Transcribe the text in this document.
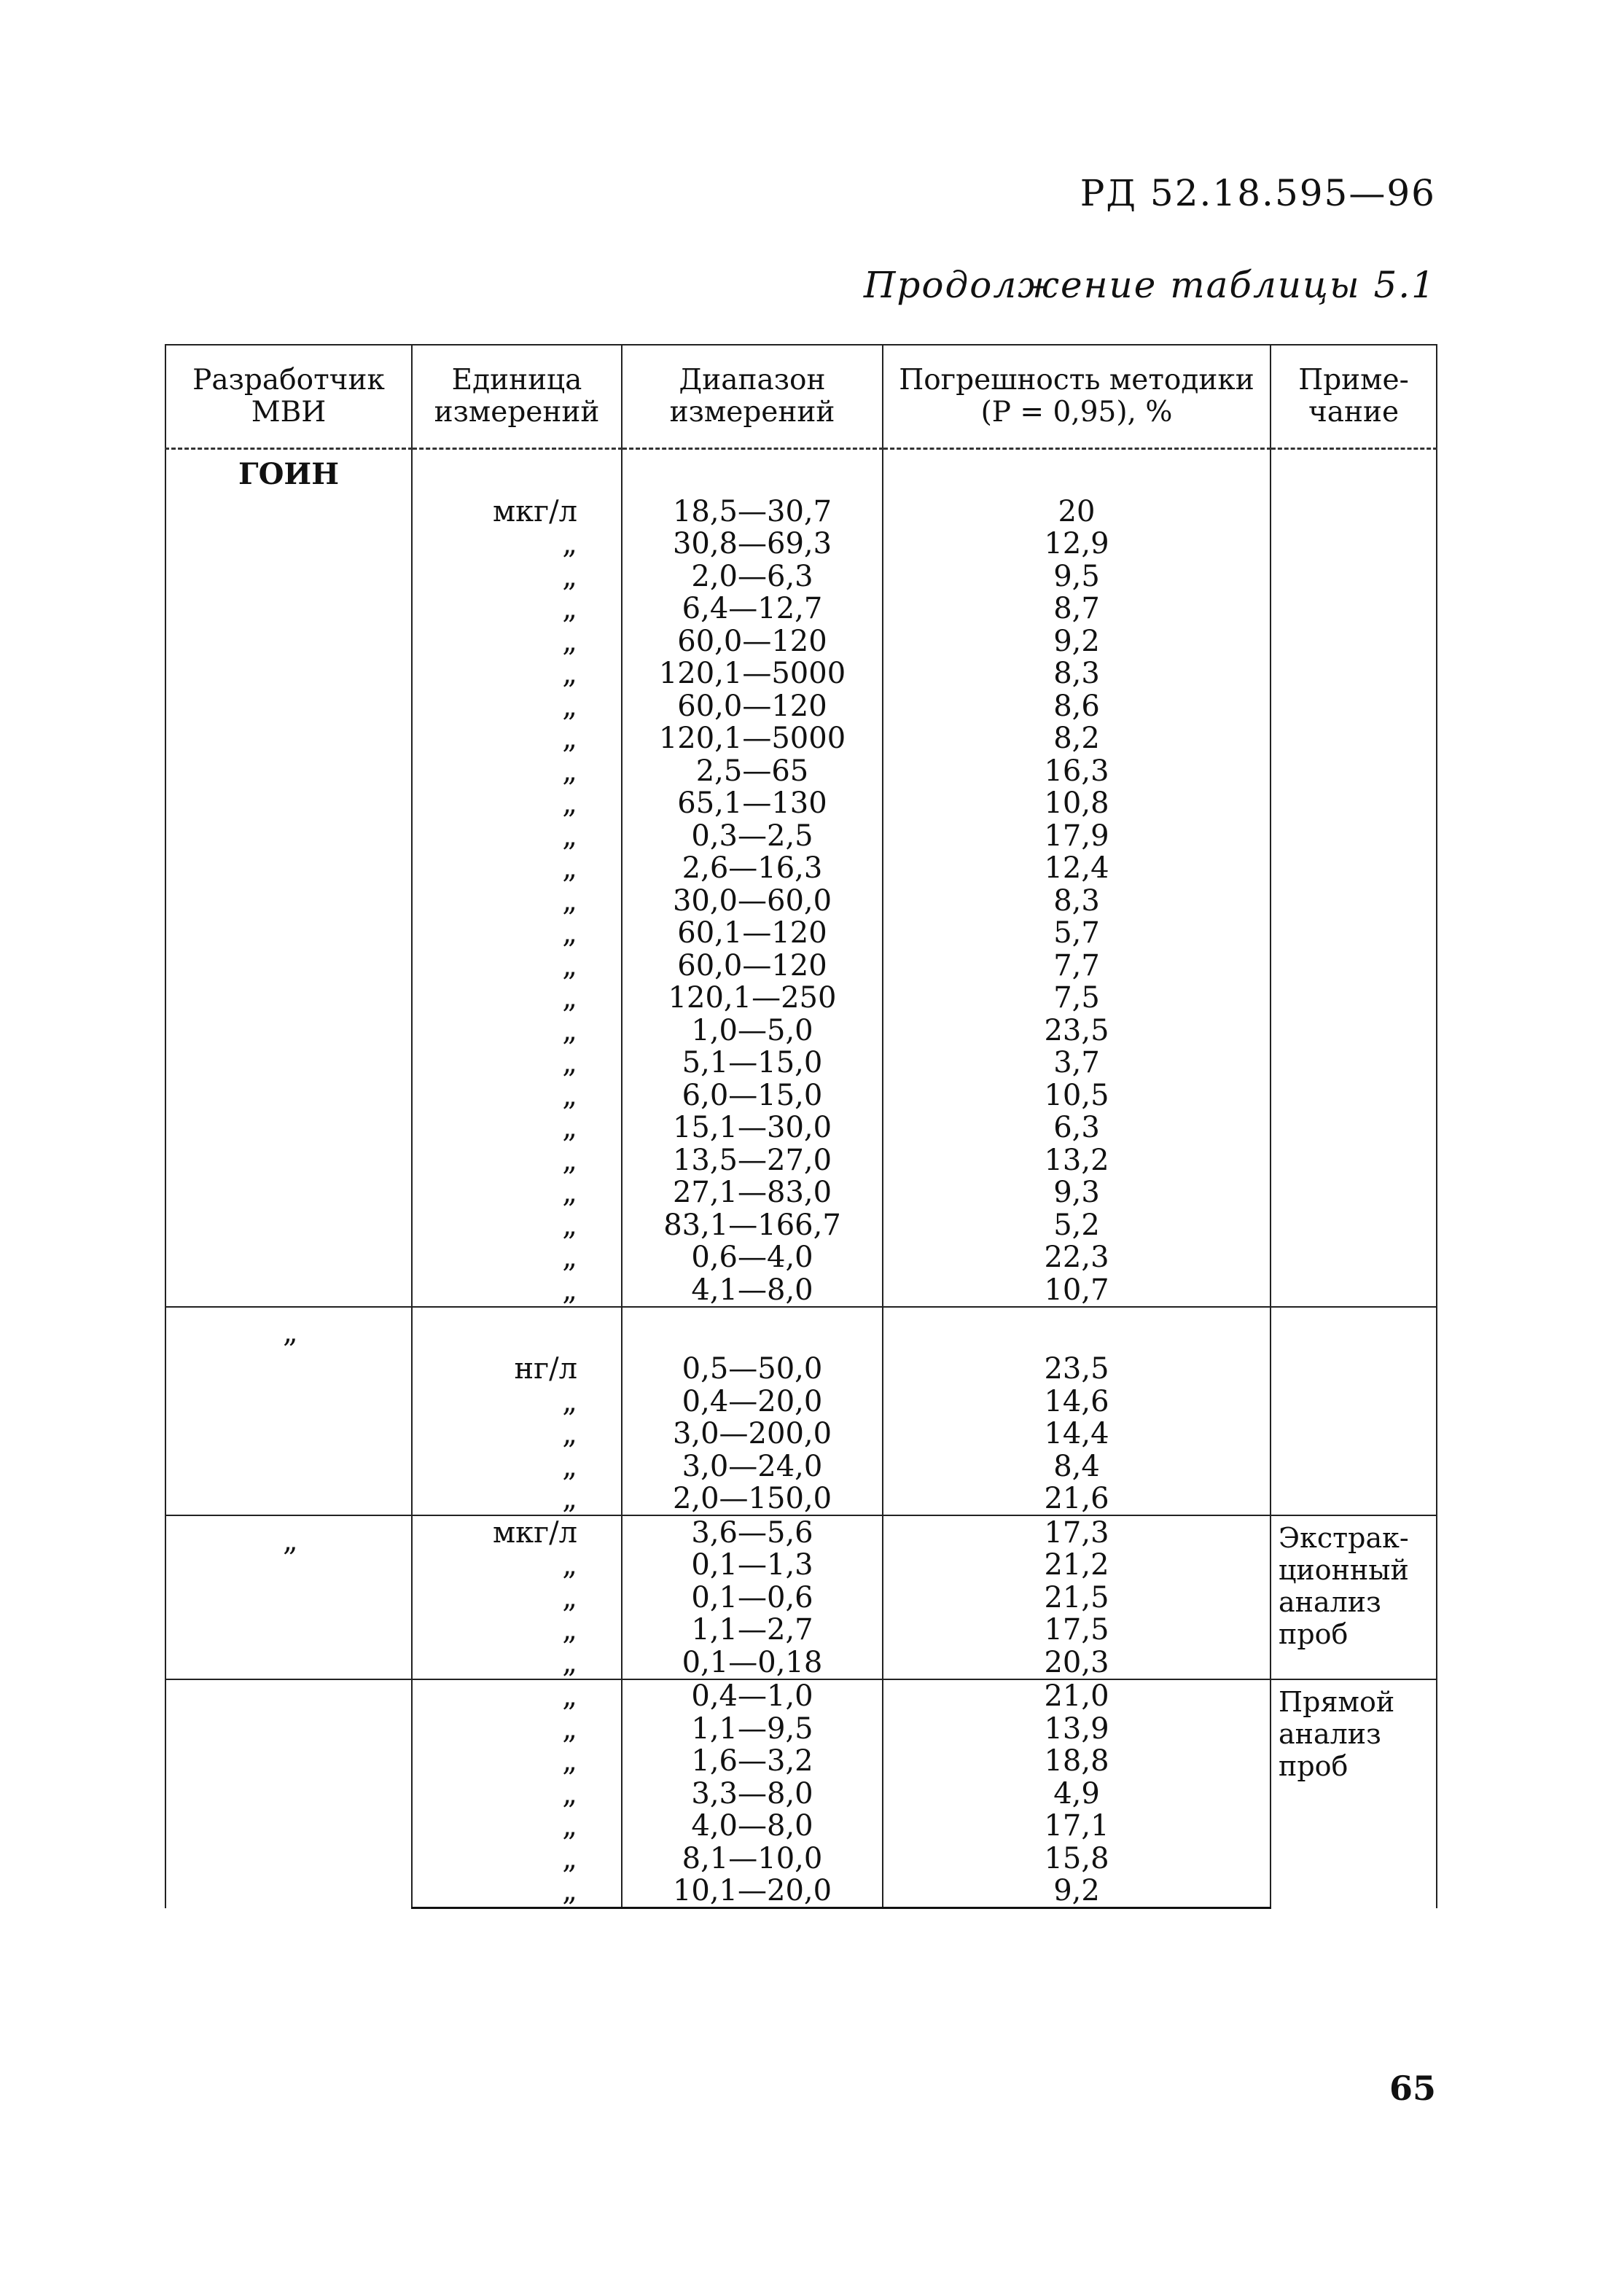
РД 52.18.595—96
Продолжение таблицы 5.1
Разработчик МВИ	Единица измерений	Диапазон измерений	Погрешность методики (P = 0,95), %	Приме-чание
ГОИН				
	мкг/л	18,5—30,7	20	
	„	30,8—69,3	12,9	
	„	2,0—6,3	9,5	
	„	6,4—12,7	8,7	
	„	60,0—120	9,2	
	„	120,1—5000	8,3	
	„	60,0—120	8,6	
	„	120,1—5000	8,2	
	„	2,5—65	16,3	
	„	65,1—130	10,8	
	„	0,3—2,5	17,9	
	„	2,6—16,3	12,4	
	„	30,0—60,0	8,3	
	„	60,1—120	5,7	
	„	60,0—120	7,7	
	„	120,1—250	7,5	
	„	1,0—5,0	23,5	
	„	5,1—15,0	3,7	
	„	6,0—15,0	10,5	
	„	15,1—30,0	6,3	
	„	13,5—27,0	13,2	
	„	27,1—83,0	9,3	
	„	83,1—166,7	5,2	
	„	0,6—4,0	22,3	
	„	4,1—8,0	10,7	
„				
	нг/л	0,5—50,0	23,5	
	„	0,4—20,0	14,6	
	„	3,0—200,0	14,4	
	„	3,0—24,0	8,4	
	„	2,0—150,0	21,6	
„	мкг/л	3,6—5,6	17,3	Экстрак-ционный анализ проб
	„	0,1—1,3	21,2	
	„	0,1—0,6	21,5	
	„	1,1—2,7	17,5	
	„	0,1—0,18	20,3	
	„	0,4—1,0	21,0	Прямой анализ проб
	„	1,1—9,5	13,9	
	„	1,6—3,2	18,8	
	„	3,3—8,0	4,9	
	„	4,0—8,0	17,1	
	„	8,1—10,0	15,8	
	„	10,1—20,0	9,2	
65
